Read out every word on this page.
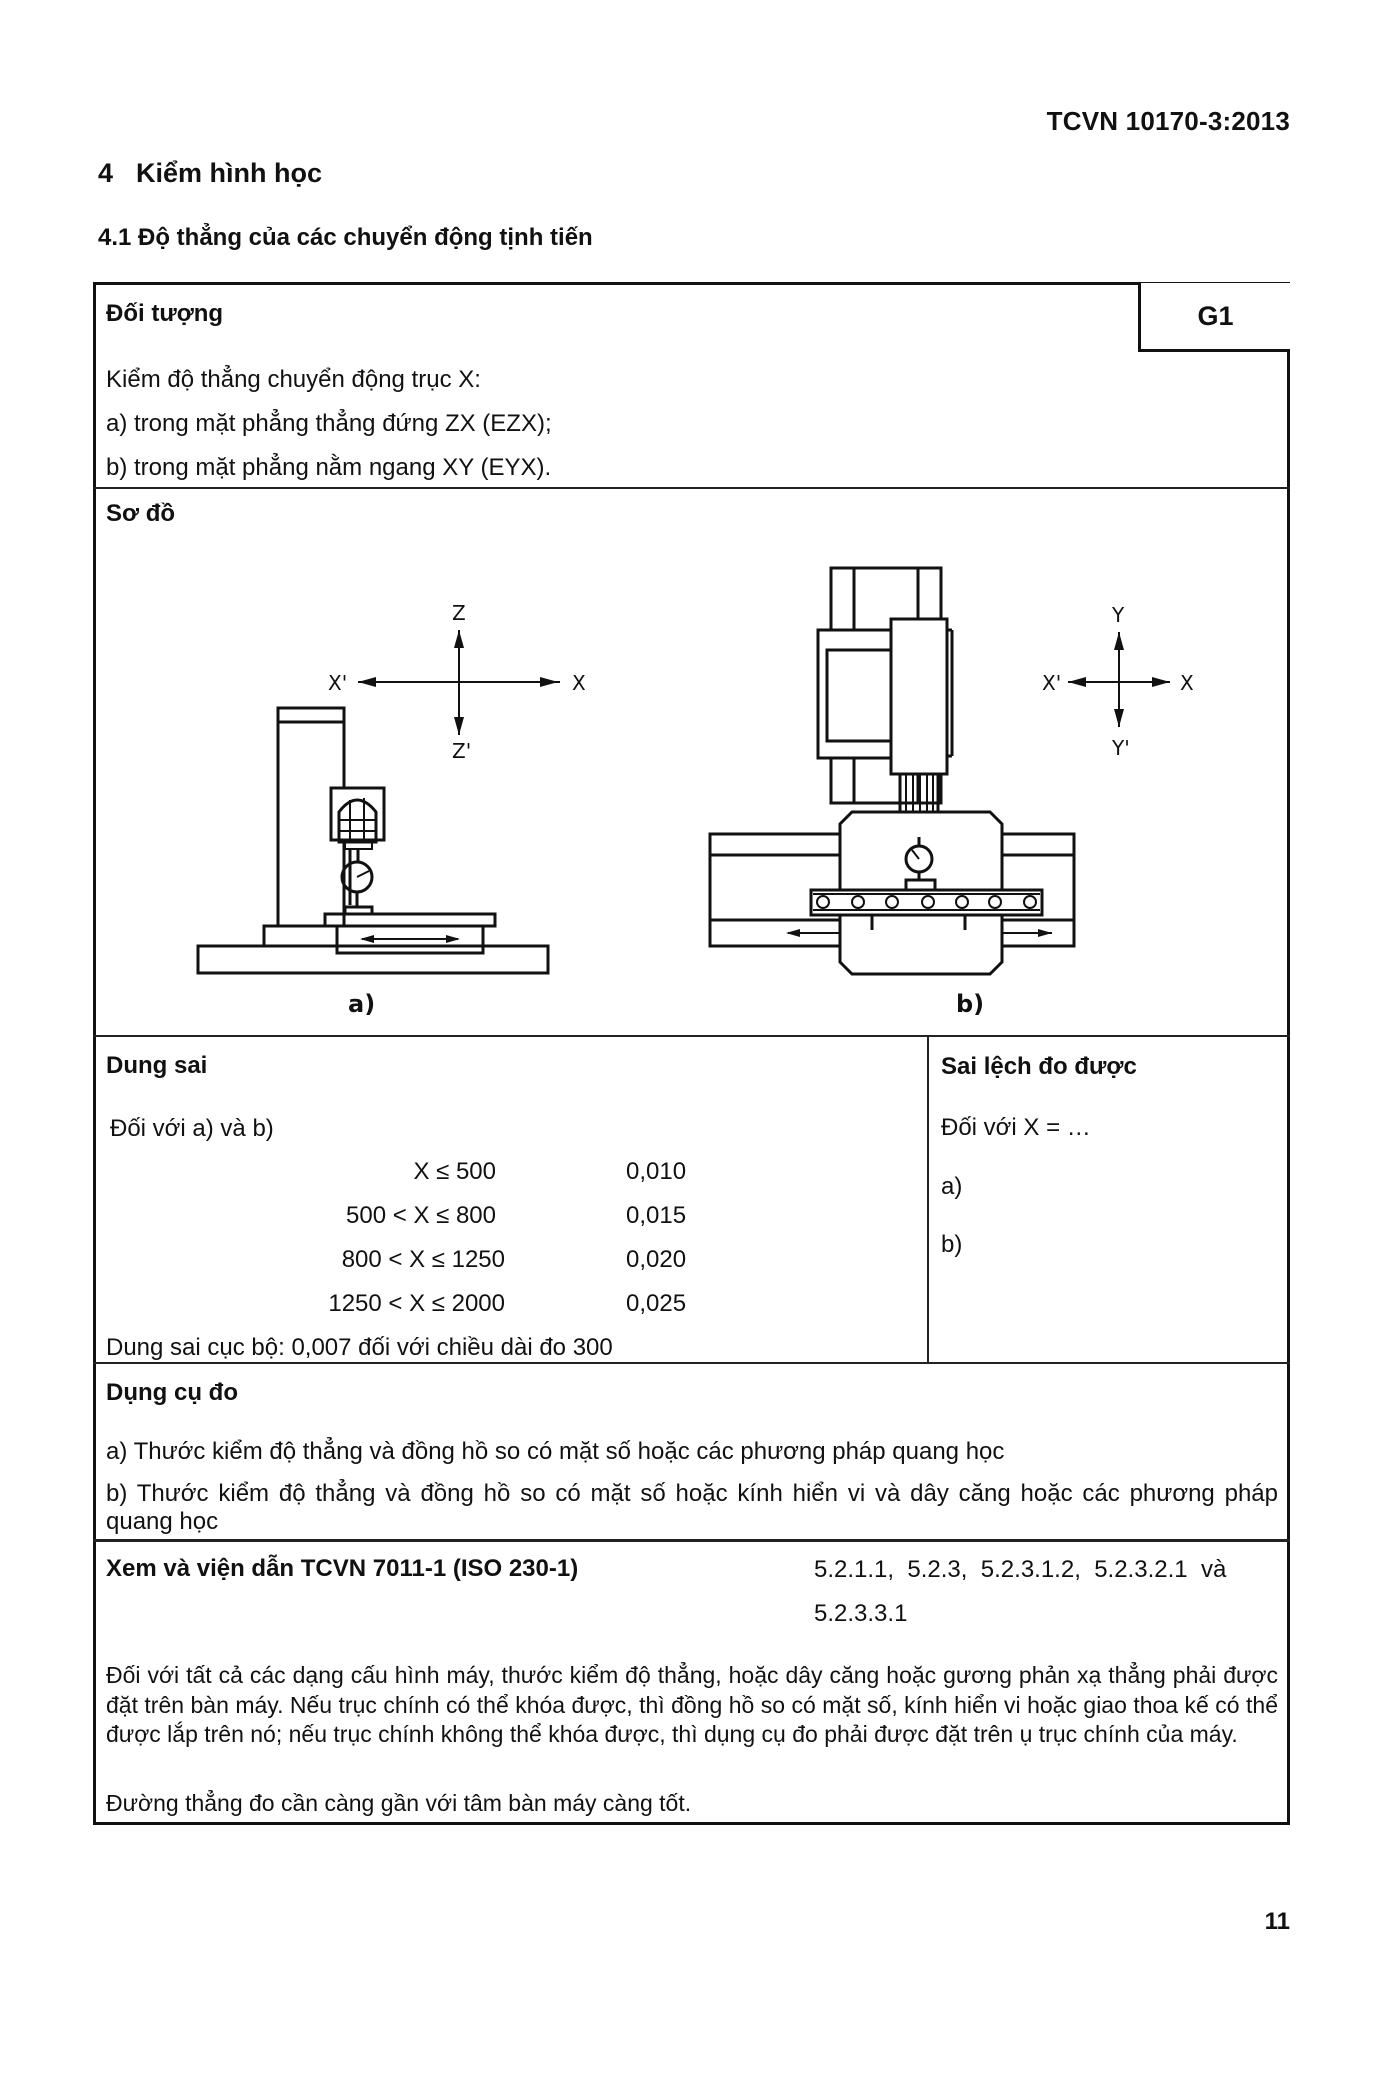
TCVN 10170-3:2013
4 Kiểm hình học
4.1 Độ thẳng của các chuyển động tịnh tiến
G1
Đối tượng
Kiểm độ thẳng chuyển động trục X:
a) trong mặt phẳng thẳng đứng ZX (EZX);
b) trong mặt phẳng nằm ngang XY (EYX).
Sơ đồ
Z
Z'
X'	X
a)
Y
Y'
X'	X
b)
Dung sai
Đối với a) và b)
X ≤ 500	0,010
500 < X ≤ 800	0,015
800 < X ≤ 1250	0,020
1250 < X ≤ 2000	0,025
Dung sai cục bộ: 0,007 đối với chiều dài đo 300
Sai lệch đo được
Đối với X = …
a)
b)
Dụng cụ đo
a) Thước kiểm độ thẳng và đồng hồ so có mặt số hoặc các phương pháp quang học
b) Thước kiểm độ thẳng và đồng hồ so có mặt số hoặc kính hiển vi và dây căng hoặc các phương pháp quang học
Xem và viện dẫn TCVN 7011-1 (ISO 230-1)	5.2.1.1,  5.2.3,  5.2.3.1.2,  5.2.3.2.1  và
5.2.3.3.1
Đối với tất cả các dạng cấu hình máy, thước kiểm độ thẳng, hoặc dây căng hoặc gương phản xạ thẳng phải được đặt trên bàn máy. Nếu trục chính có thể khóa được, thì đồng hồ so có mặt số, kính hiển vi hoặc giao thoa kế có thể được lắp trên nó; nếu trục chính không thể khóa được, thì dụng cụ đo phải được đặt trên ụ trục chính của máy.
Đường thẳng đo cần càng gần với tâm bàn máy càng tốt.
11
